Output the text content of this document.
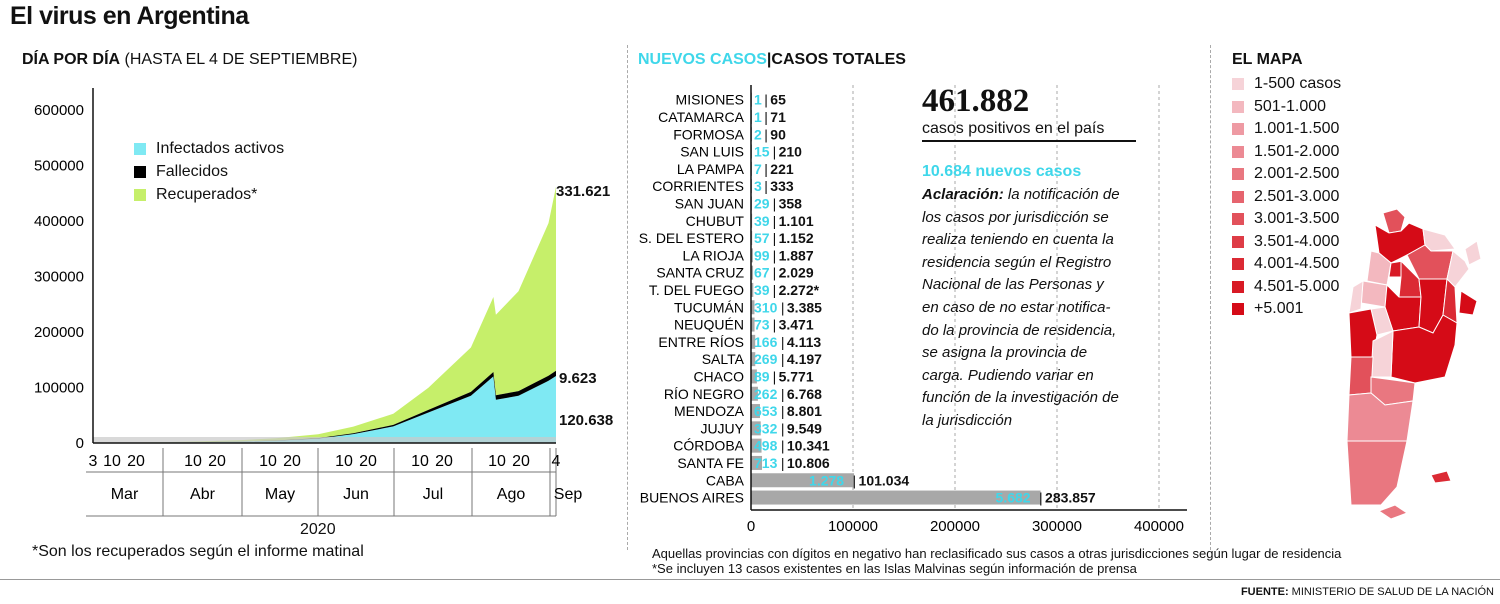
El virus en Argentina
DÍA POR DÍA (HASTA EL 4 DE SEPTIEMBRE)
0
100000
200000
300000
400000
500000
600000
Mar	Abr	May	Jun	Jul	Ago Sep
3 10 20 10 20 10 20 10 20 10 20 10 20 4
Infectados activos
Fallecidos
Recuperados*	331.621
9.623
120.638
2020
*Son los recuperados según el informe matinal
NUEVOS CASOS|CASOS TOTALES
MISIONES 1 | 65
CATAMARCA 1 | 71
FORMOSA 2 | 90
SAN LUIS 15 | 210
LA PAMPA 7 | 221
CORRIENTES 3 | 333
SAN JUAN 29 | 358
CHUBUT 39 | 1.101
S. DEL ESTERO 57 | 1.152
LA RIOJA 99 | 1.887
SANTA CRUZ 67 | 2.029
T. DEL FUEGO 39 | 2.272*
TUCUMÁN 310 | 3.385
NEUQUÉN 73 | 3.471
ENTRE RÍOS 166 | 4.113
SALTA 269 | 4.197
CHACO 89 | 5.771
RÍO NEGRO 262 | 6.768
MENDOZA 653 | 8.801
JUJUY 332 | 9.549
CÓRDOBA 498 | 10.341
SANTA FE 713 | 10.806
CABA	1.278 | 101.034
BUENOS AIRES	5.682 | 283.857
0	100000	200000	300000	400000
461.882
casos positivos en el país
10.684 nuevos casos

Aclaración: la notificación de

los casos por jurisdicción se

realiza teniendo en cuenta la

residencia según el Registro

Nacional de las Personas y

en caso de no estar notifica-

do la provincia de residencia,

se asigna la provincia de

carga. Pudiendo variar en

función de la investigación de

la jurisdicción

Aquellas provincias con dígitos en negativo han reclasificado sus casos a otras jurisdicciones según lugar de residencia
*Se incluyen 13 casos existentes en las Islas Malvinas según información de prensa
EL MAPA
1-500 casos
501-1.000
1.001-1.500
1.501-2.000
2.001-2.500
2.501-3.000
3.001-3.500
3.501-4.000
4.001-4.500
4.501-5.000
+5.001
FUENTE: MINISTERIO DE SALUD DE LA NACIÓN
